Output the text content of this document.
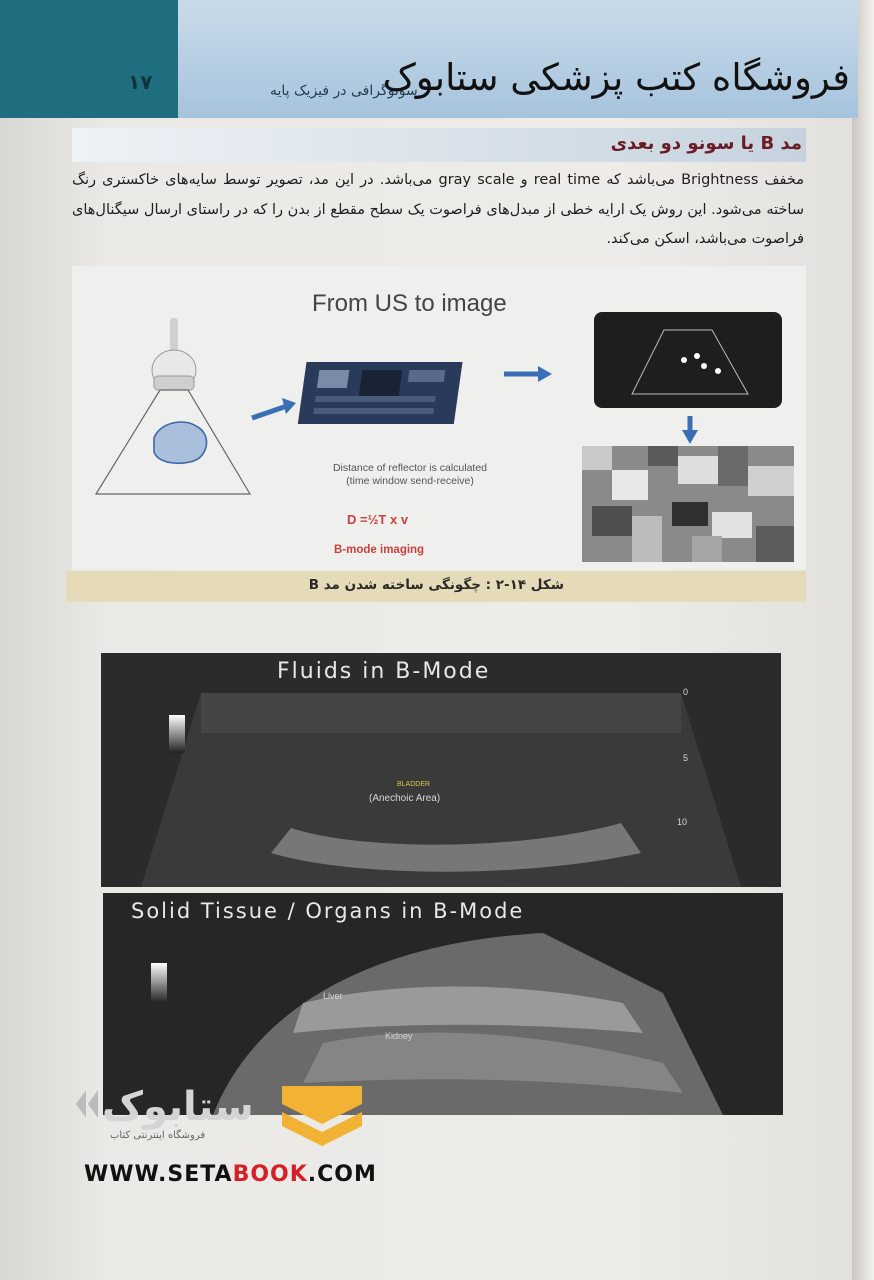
۱۷	سونوگرافی در فیزیک پایه
فروشگاه کتب پزشکی ستابوک
مد B یا سونو دو بعدی
مخفف Brightness می‌باشد که real time و gray scale می‌باشد. در این مد، تصویر توسط سایه‌های خاکستری رنگ ساخته می‌شود. این روش یک ارایه خطی از مبدل‌های فراصوت یک سطح مقطع از بدن را که در راستای ارسال سیگنال‌های فراصوت می‌باشد، اسکن می‌کند.
From US to image
Distance of reflector is calculated
(time window send-receive)
D =½T x v
B-mode imaging
شکل ۱۴-۲ : چگونگی ساخته شدن مد B
Fluids in B-Mode
BLADDER
(Anechoic Area)
0
5
10
Solid Tissue / Organs in B-Mode
Liver
Kidney
ستابوک
فروشگاه اینترنتی کتاب
WWW.SETABOOK.COM
